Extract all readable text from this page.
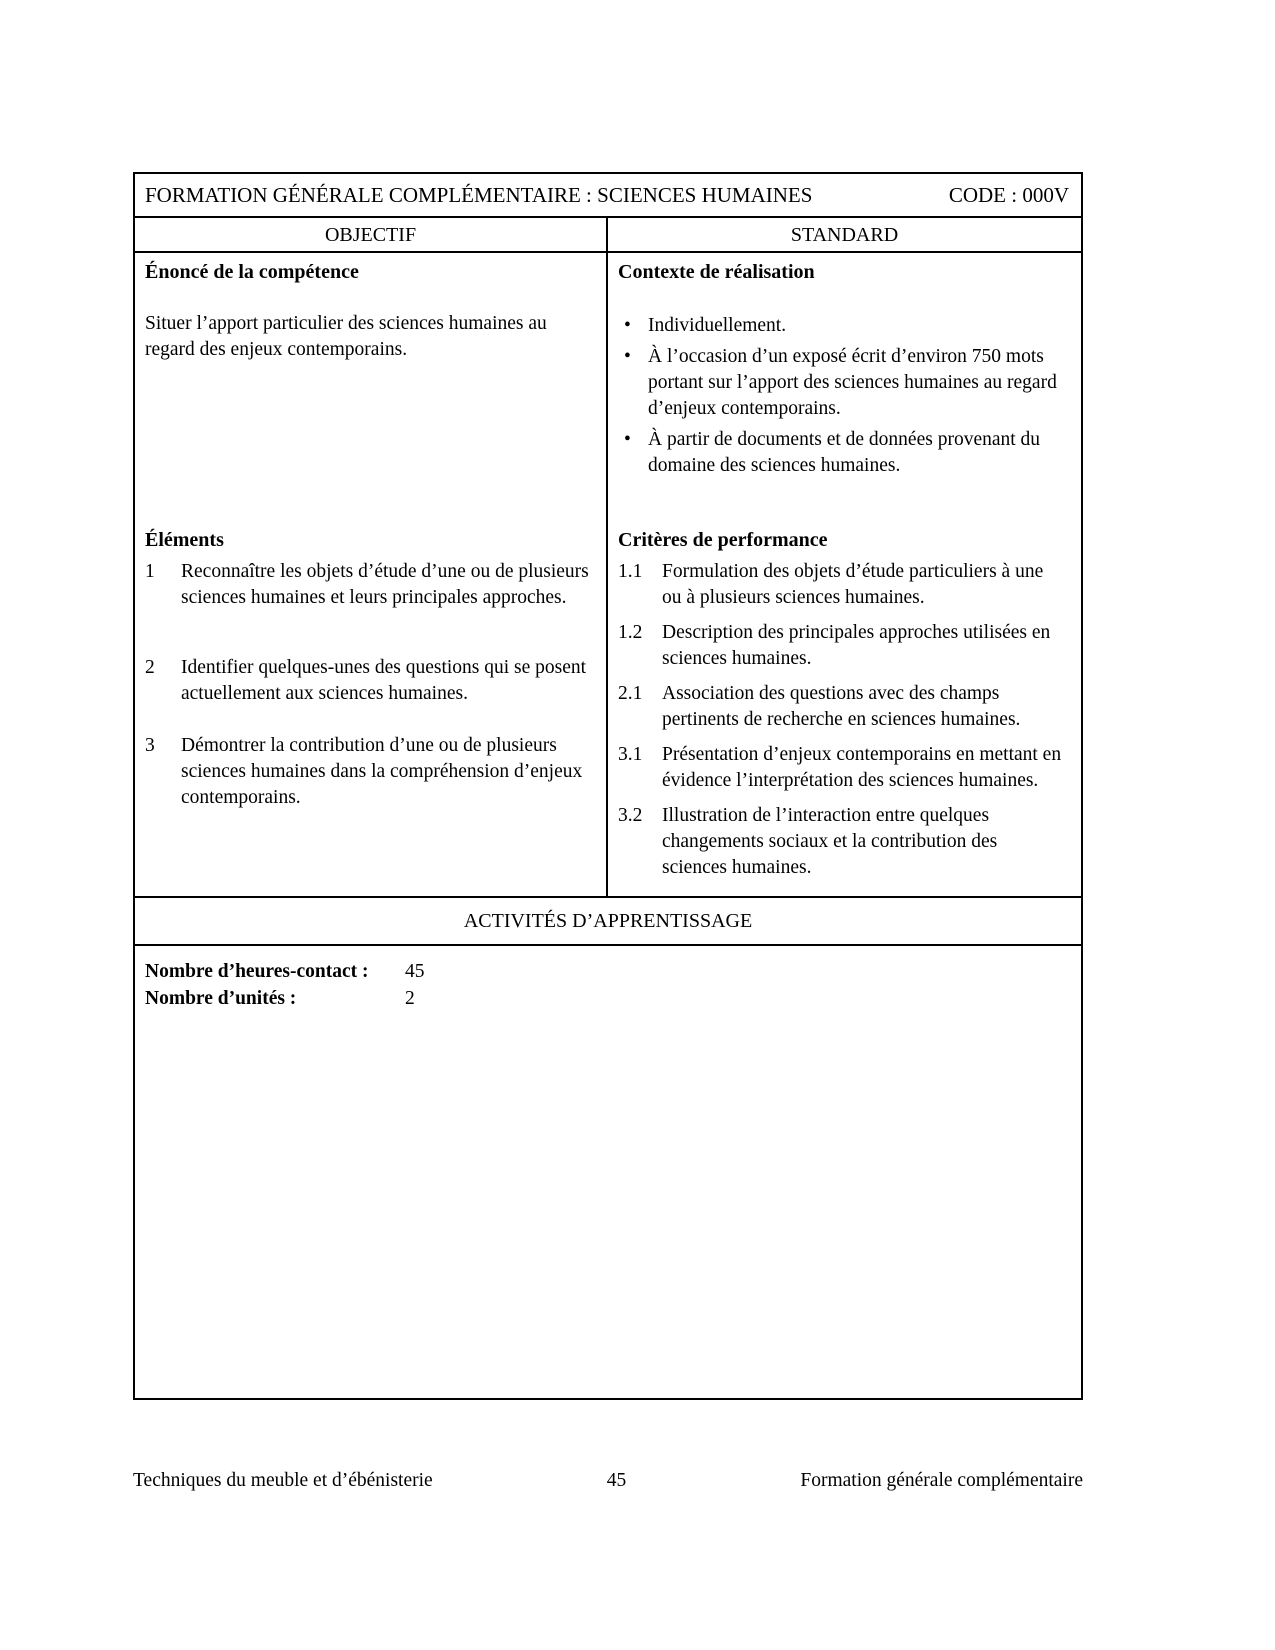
FORMATION GÉNÉRALE COMPLÉMENTAIRE : SCIENCES HUMAINES	CODE : 000V
OBJECTIF	STANDARD
Énoncé de la compétence
Situer l’apport particulier des sciences humaines au regard des enjeux contemporains.
Éléments
1	Reconnaître les objets d’étude d’une ou de plusieurs sciences humaines et leurs principales approches.
2	Identifier quelques-unes des questions qui se posent actuellement aux sciences humaines.
3	Démontrer la contribution d’une ou de plusieurs sciences humaines dans la compréhension d’enjeux contemporains.
Contexte de réalisation
• Individuellement.
• À l’occasion d’un exposé écrit d’environ 750 mots portant sur l’apport des sciences humaines au regard d’enjeux contemporains.
• À partir de documents et de données provenant du domaine des sciences humaines.
Critères de performance
1.1	Formulation des objets d’étude particuliers à une ou à plusieurs sciences humaines.
1.2	Description des principales approches utilisées en sciences humaines.
2.1	Association des questions avec des champs pertinents de recherche en sciences humaines.
3.1	Présentation d’enjeux contemporains en mettant en évidence l’interprétation des sciences humaines.
3.2	Illustration de l’interaction entre quelques changements sociaux et la contribution des sciences humaines.
ACTIVITÉS D’APPRENTISSAGE
Nombre d’heures-contact :	45
Nombre d’unités :	2
Techniques du meuble et d’ébénisterie	45	Formation générale complémentaire
